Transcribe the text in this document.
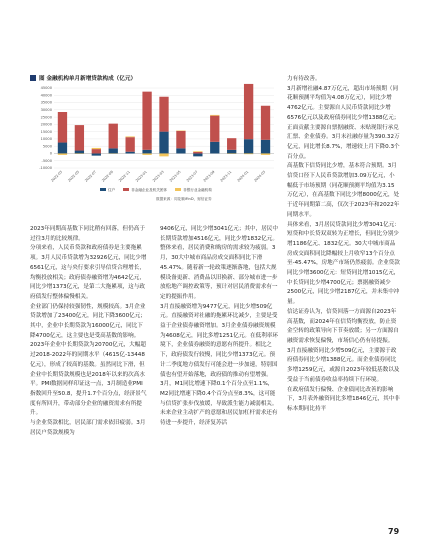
图 金融机构单月新增贷款构成（亿元）
-10000
-5000
0
5000
10000
15000
20000
25000
30000
35000
40000
45000
2022-03 2022-05 2022-07 2022-09 2022-11 2023-01 2023-03 2023-05 2023-07 2023-09 2023-11 2024-01 2024-03
住户	非金融企业及机关团体	非银行业金融机构
数据来源：同花顺iFinD，财信证券

2023年同期高基数下同比稍有回落，但仍高于过往3月的比较规律。

分项来看，人民币贷款和政府债券是主要拖累项。3月人民币贷款增为32926亿元，同比少增6561亿元，这与央行要求引导信贷合理增长，均衡投放相关；政府债券融资增为4642亿元，同比少增1373亿元，是第二大拖累项，这与政府债发行整体偏慢相关。

企业部门仍保持较强韧性，规模较高。3月企业贷款增加了23400亿元，同比下降3600亿元；其中，企业中长期贷款为16000亿元，同比下降4700亿元，这主要也是受高基数的影响。2023年企业中长期贷款为20700亿元，大幅超过2018-2022年的同期水平（4615亿-13448亿元），形成了较高的基数。虽然同比下滑，但企业中长期贷款规模也是2018年以来的次高水平。PMI数据同样印证这一点，3月制造业PMI指数回升至50.8，提升1.7个百分点，经济景气度有所回升，带动部分企业的融资需求有所提升。

与企业贷款相比，居民部门需求依旧疲弱。3月居民户贷款规模为

9406亿元，同比少增3041亿元；其中，居民中长期贷款增加4516亿元，同比少增1832亿元。整体来看，居民消费和购房的需求较为疲弱。3月，30大中城市商品房成交面积同比下滑45.47%。随着新一轮政策逐渐落地，包括大规模设备更新、消费品以旧换新、部分城市进一步放松地产调控政策等，预计对居民消费需求有一定的提振作用。

3月直接融资增为9477亿元，同比少增509亿元。直接融资对社融的拖累环比减少，主要是受益于企业债券融资增加。3月企业债券融资规模为4608亿元，同比多增1251亿元。在低利率环境下，企业债券融资的意愿有所提升。相比之下，政府债发行较慢，同比少增1373亿元。预计二季度地方债发行可能会进一步加速，特别国债也有望开始落地，政府债的推动有望增强。

3月，M1同比增速下降0.1个百分点至1.1%，M2同比增速下降0.4个百分点至8.3%，这可能与信贷扩张步伐放缓，导致派生能力减弱相关。未来企业主动扩产的意愿和居民加杠杆需求还有待进一步提升，经济复苏活

力有待改善。

3月新增社融4.87万亿元，超出市场预期（同花顺预测平均值为4.08万亿元），同比少增4762亿元。主要源自人民币贷款同比少增6576亿元以及政府债券同比少增1388亿元；正面贡献主要源自票据融资、未贴现银行承兑汇票、企业债券。3月末社融存量为390.32万亿元，同比增长8.7%，增速较上月下降0.3个百分点。

高基数下信贷同比少增，基本符合预期。3月信贷口径下人民币贷款增加3.09万亿元，小幅低于市场预期（同花顺预测平均值为3.15万亿元），在高基数下同比少增8000亿元，处于近年同期第二高，仅次于2023年和2022年同期水平。

具体来看，3月居民贷款同比少增3041亿元：短贷和中长贷双双转为正增长，但同比分别少增1186亿元、1832亿元。30大中城市商品房成交面积同比降幅较上月收窄13个百分点至-45.47%，房地产市场仍然疲弱。企业贷款同比少增3600亿元：短贷同比增1015亿元，中长贷同比少增4700亿元；票据融资减少2500亿元，同比少增2187亿元，并未集中冲量。

信达证券认为，信贷回落一方面源自2023年高基数，而2024年在信贷均衡投放，防止资金空转的政策导向下节奏放缓；另一方面源自融资需求恢复偏慢，市场信心仍有待提振。

3月直接融资同比少增509亿元，主要源于政府债券同比少增1388亿元。而企业债券同比多增1259亿元，或源自2023年较低基数以及受益于当前债券收益率持续下行环境。

在政府债发行偏慢、企业债同比改善的影响下，3月表外融资同比多增1846亿元，其中非标本期同比持平

79
